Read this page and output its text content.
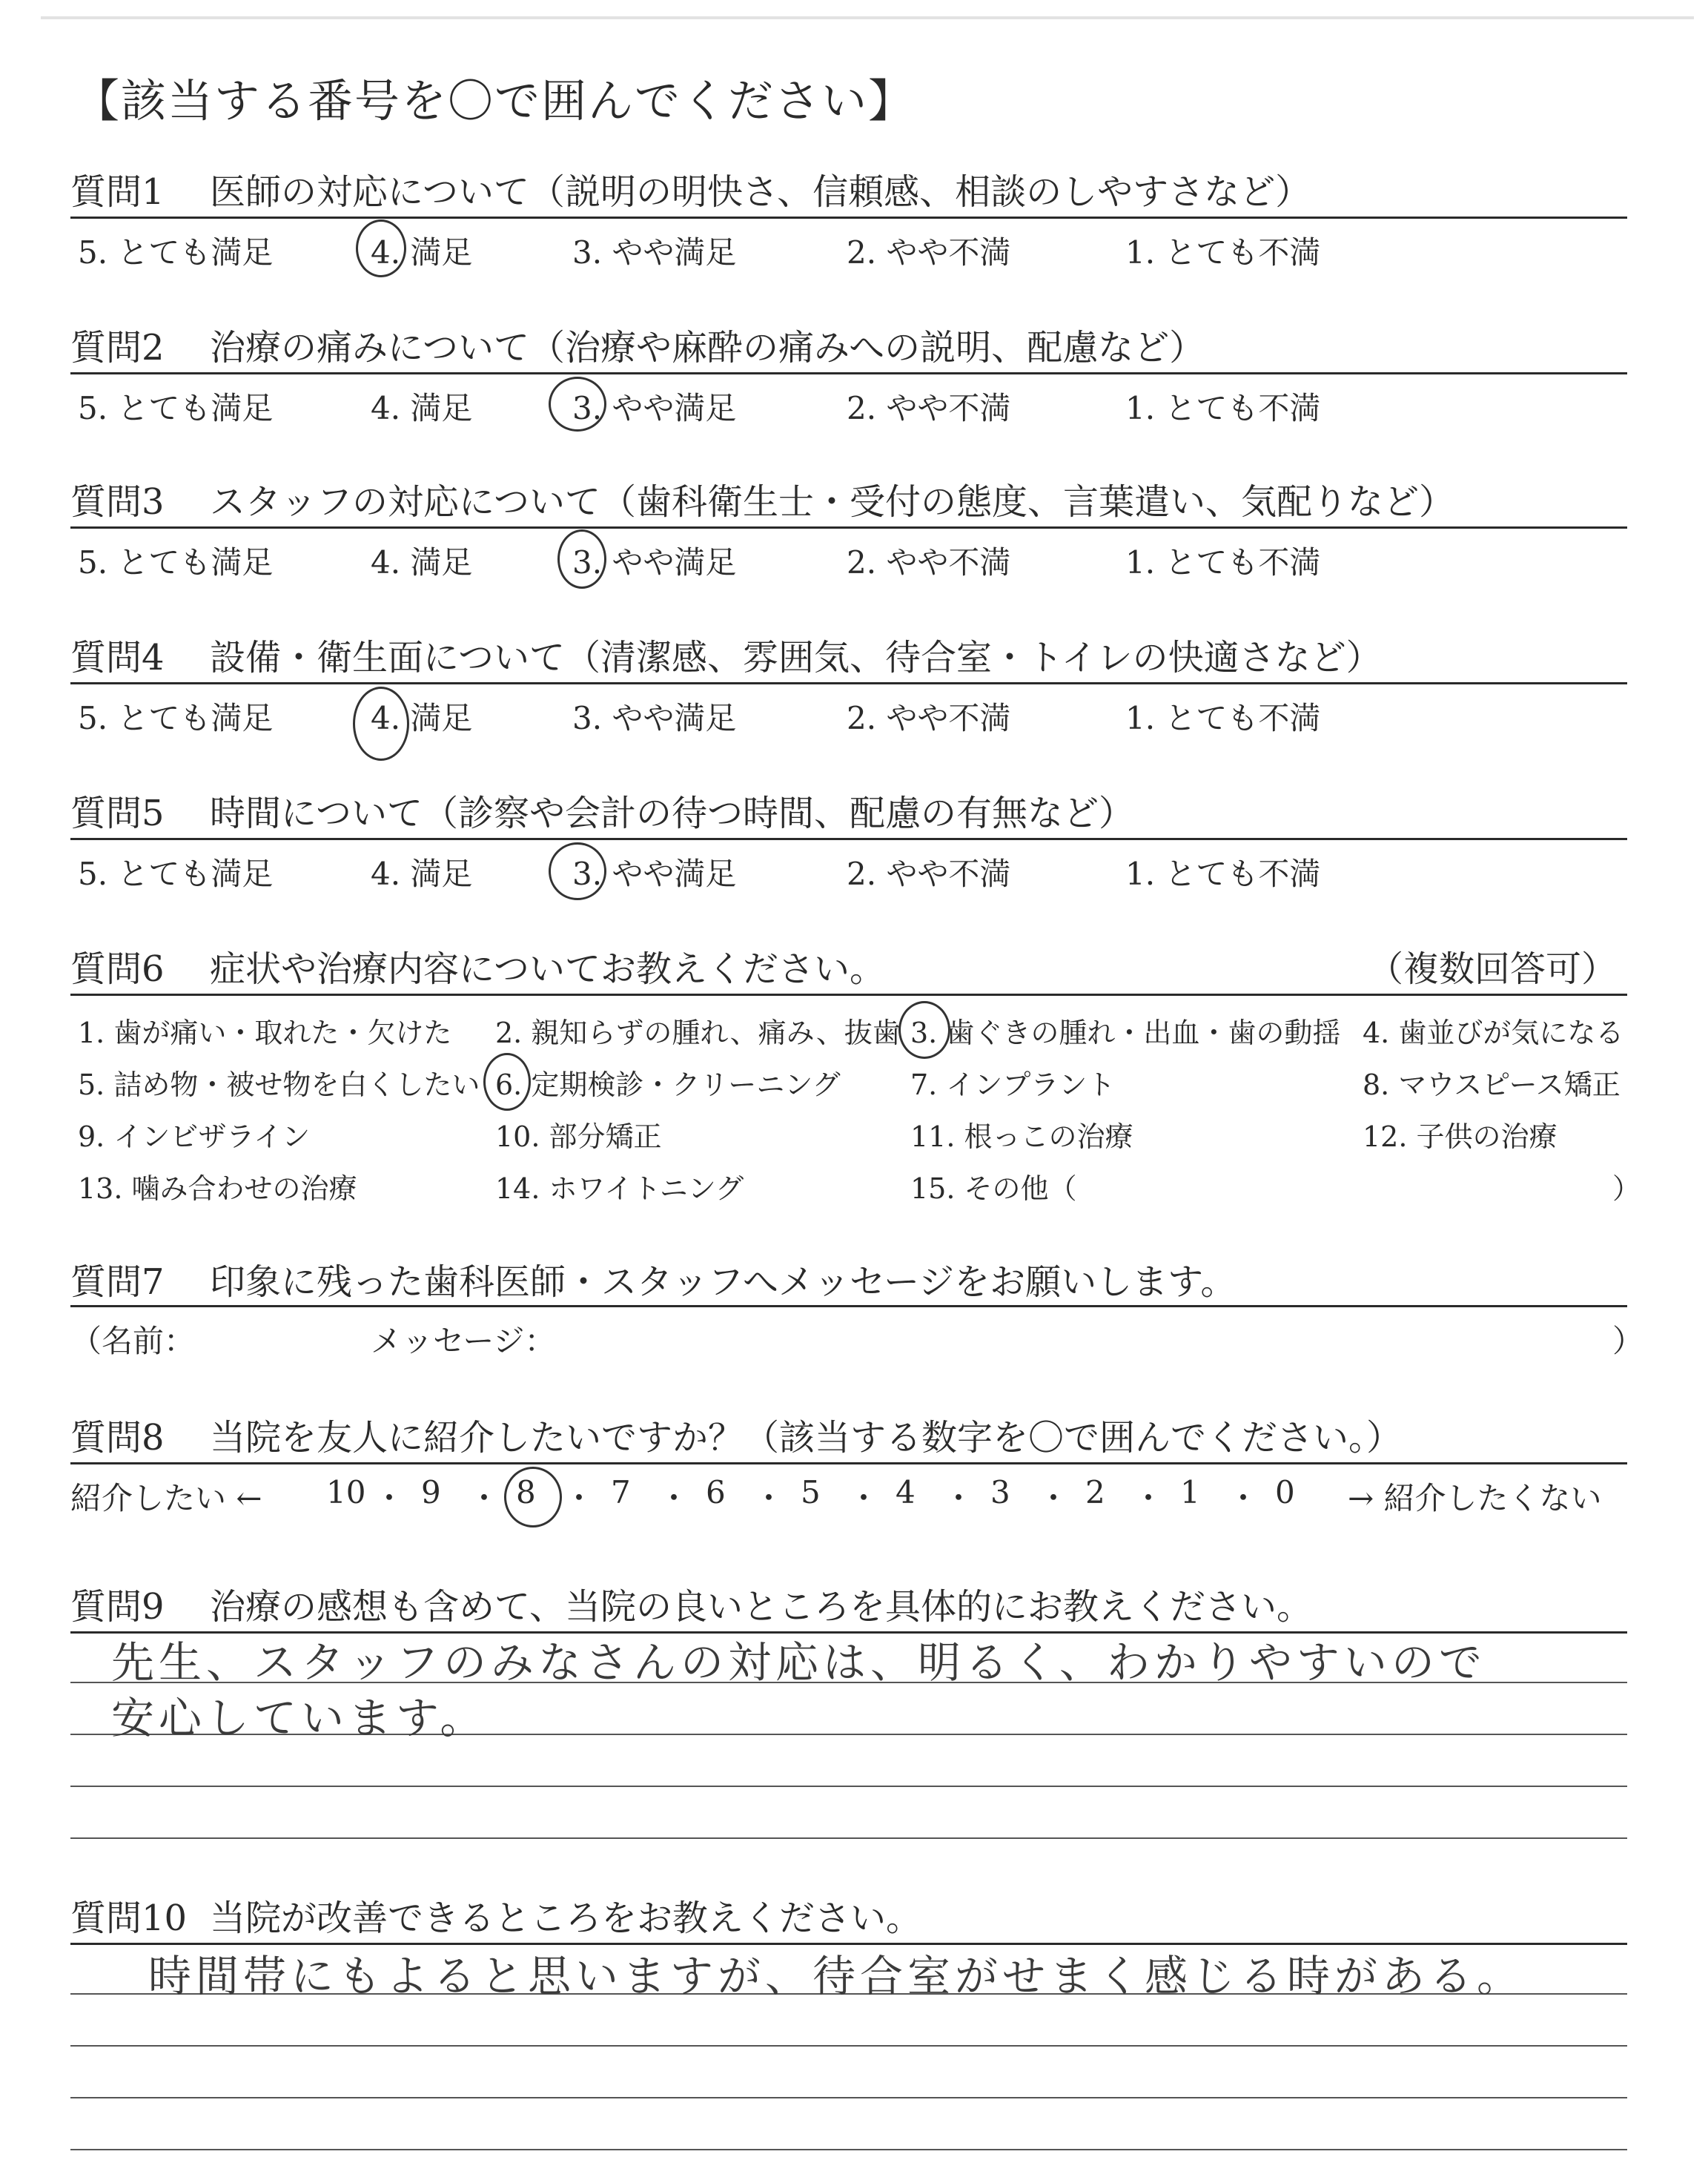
【該当する番号を〇で囲んでください】
質問1 医師の対応について（説明の明快さ、信頼感、相談のしやすさなど）
5. とても満足	4. 満足	3. やや満足	2. やや不満	1. とても不満
質問2 治療の痛みについて（治療や麻酔の痛みへの説明、配慮など）
5. とても満足	4. 満足	3. やや満足	2. やや不満	1. とても不満
質問3 スタッフの対応について（歯科衛生士・受付の態度、言葉遣い、気配りなど）
5. とても満足	4. 満足	3. やや満足	2. やや不満	1. とても不満
質問4 設備・衛生面について（清潔感、雰囲気、待合室・トイレの快適さなど）
5. とても満足	4. 満足	3. やや満足	2. やや不満	1. とても不満
質問5 時間について（診察や会計の待つ時間、配慮の有無など）
5. とても満足	4. 満足	3. やや満足	2. やや不満	1. とても不満
質問6 症状や治療内容についてお教えください。	（複数回答可）
1. 歯が痛い・取れた・欠けた 2. 親知らずの腫れ、痛み、抜歯 3. 歯ぐきの腫れ・出血・歯の動揺 4. 歯並びが気になる
5. 詰め物・被せ物を白くしたい 6. 定期検診・クリーニング 7. インプラント	8. マウスピース矯正
9. インビザライン	10. 部分矯正	11. 根っこの治療	12. 子供の治療
13. 噛み合わせの治療	14. ホワイトニング	15. その他（	）
質問7 印象に残った歯科医師・スタッフへメッセージをお願いします。
（名前：	メッセージ：	）
質問8 当院を友人に紹介したいですか？（該当する数字を〇で囲んでください。）
紹介したい ←	→ 紹介したくない
10 ・ 9 ・ 8 ・ 7 ・ 6 ・ 5 ・ 4 ・ 3 ・ 2 ・ 1 ・ 0
質問9 治療の感想も含めて、当院の良いところを具体的にお教えください。
先生、スタッフのみなさんの対応は、明るく、わかりやすいので
安心しています。
質問10 当院が改善できるところをお教えください。
時間帯にもよると思いますが、待合室がせまく感じる時がある。
